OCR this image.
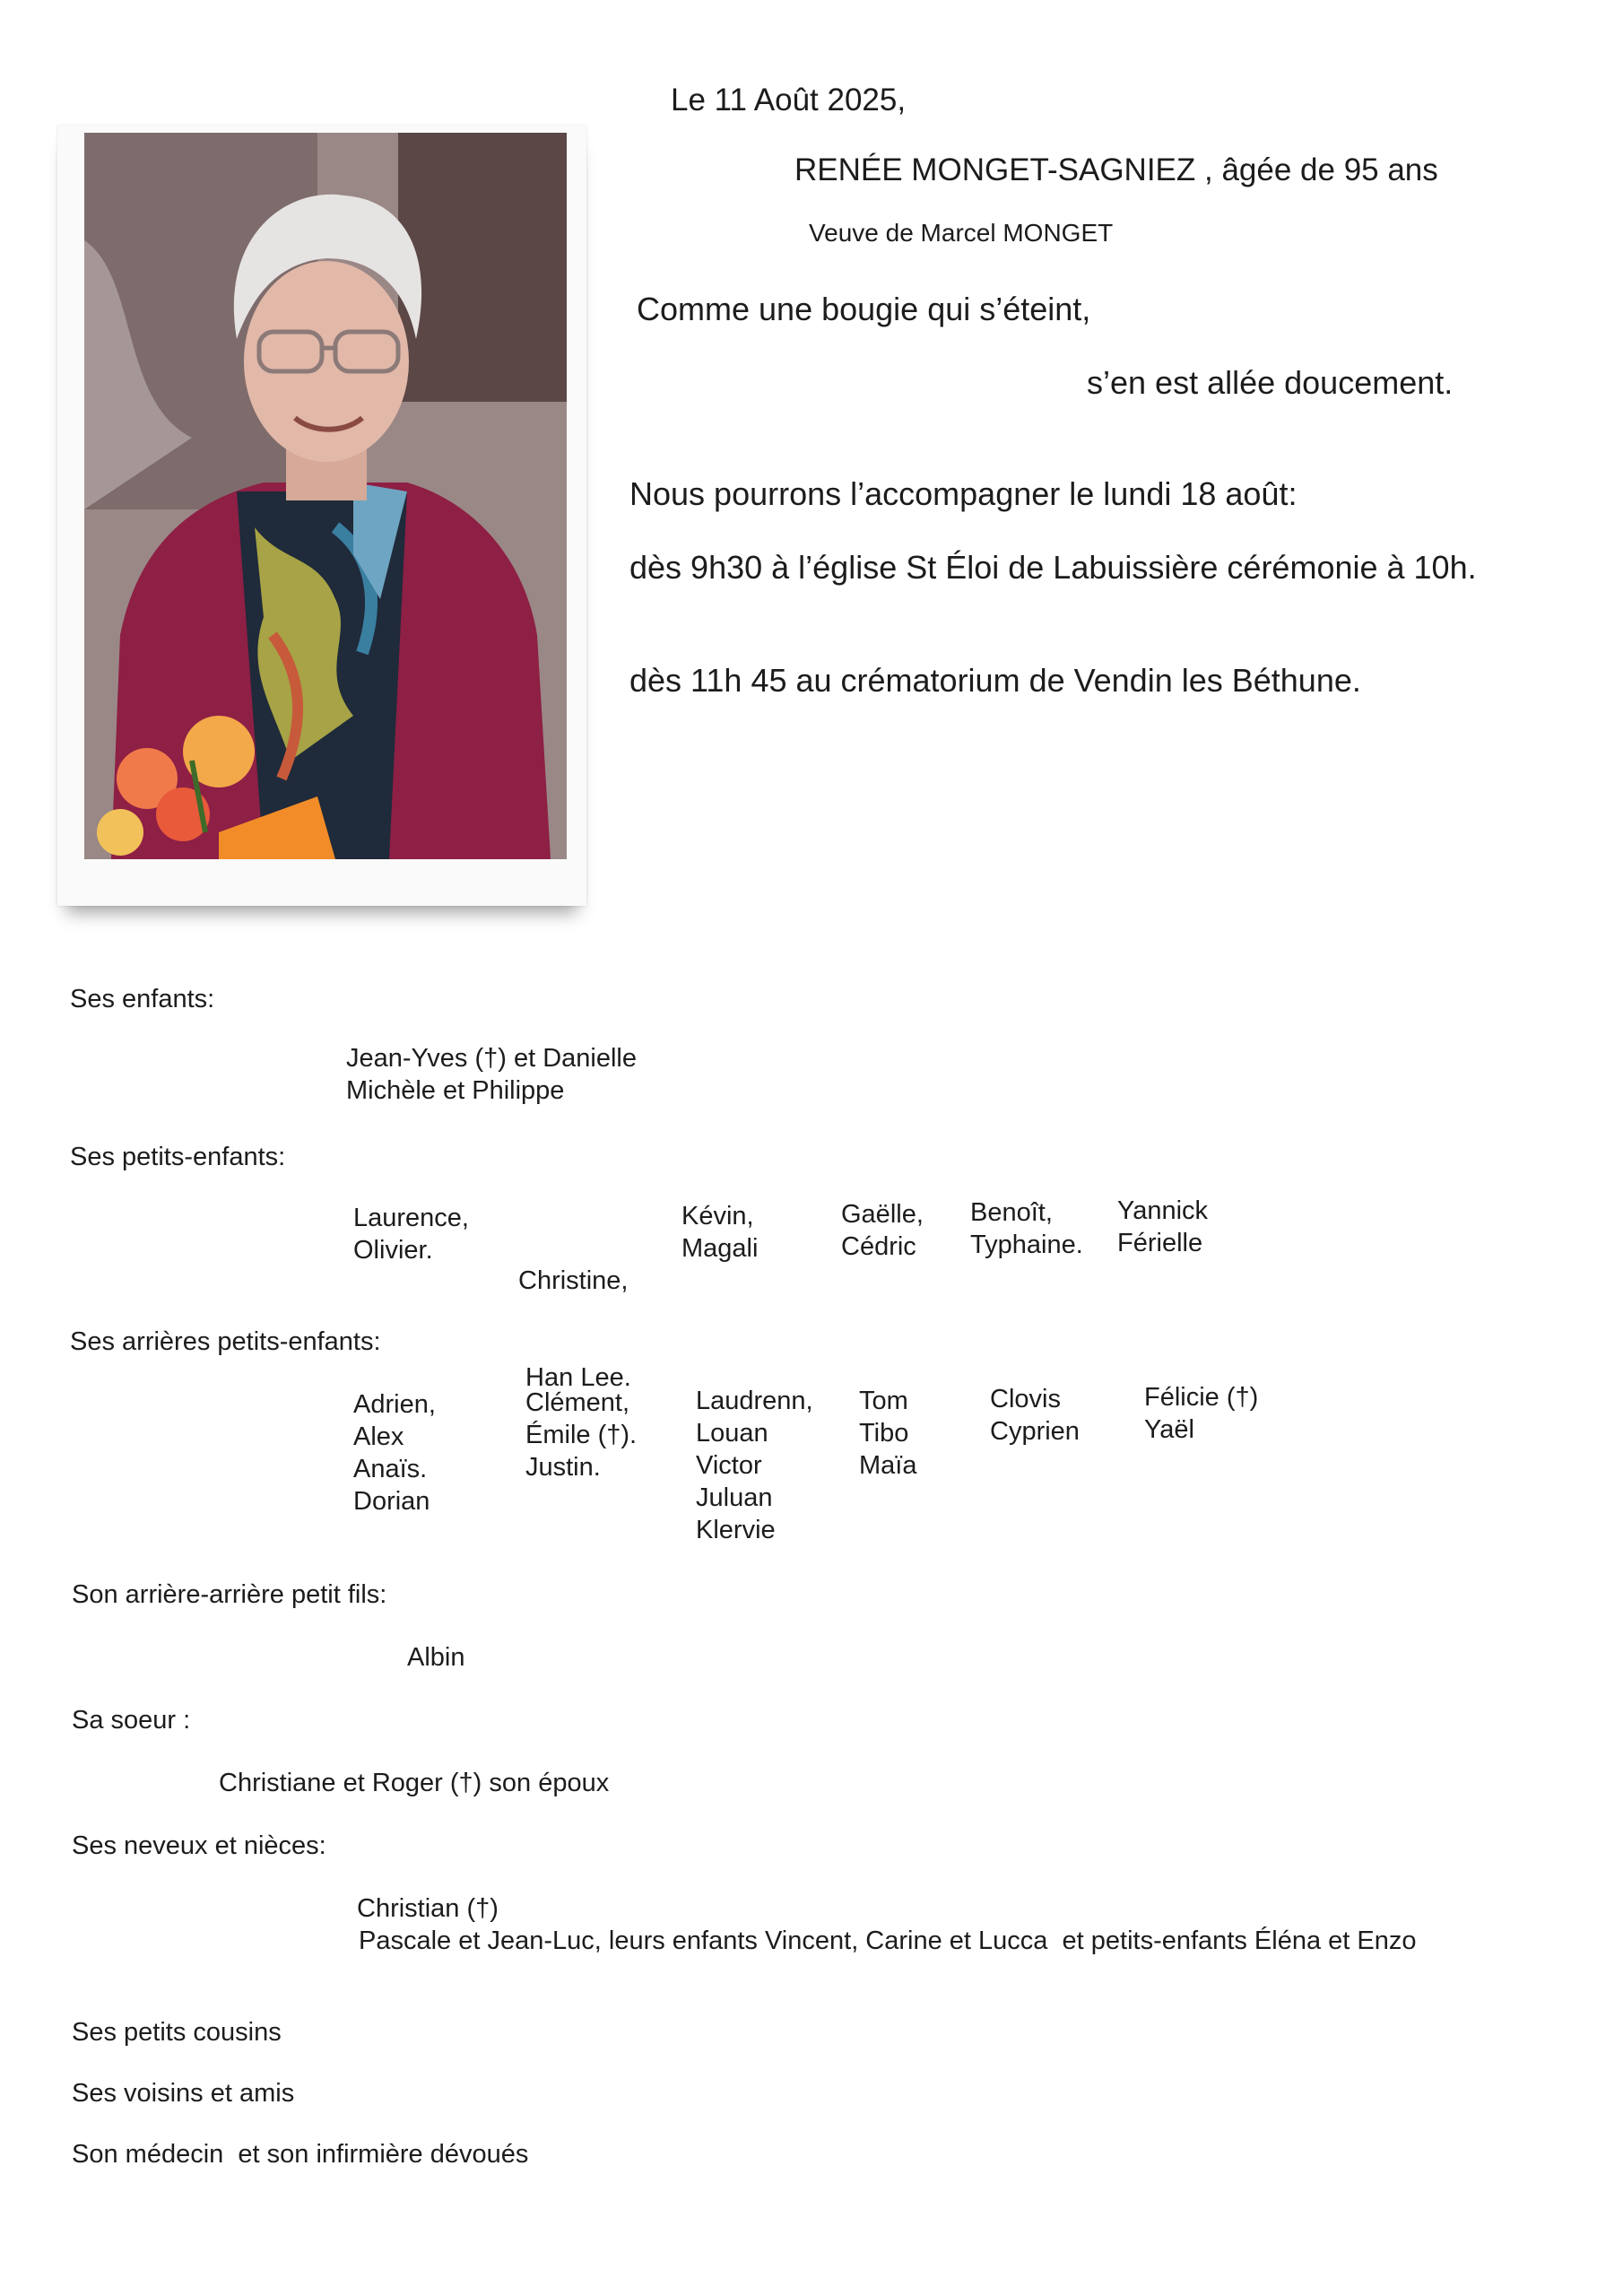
Le 11 Août 2025,
RENÉE MONGET-SAGNIEZ , âgée de 95 ans
Veuve de Marcel MONGET
Comme une bougie qui s’éteint,
s’en est allée doucement.
Nous pourrons l’accompagner le lundi 18 août:
dès 9h30 à l’église St Éloi de Labuissière cérémonie à 10h.
dès 11h 45 au crématorium de Vendin les Béthune.
Ses enfants:
Jean-Yves (†) et Danielle
Michèle et Philippe
Ses petits-enfants:
Laurence,
Olivier.

Christine,

Han Lee.

Kévin,
Magali
Gaëlle,
Cédric
Benoît,
Typhaine.
Yannick
Férielle
Ses arrières petits-enfants:
Adrien,
Alex
Anaïs.
Dorian
Clément,
Émile (†).
Justin.
Laudrenn,
Louan
Victor
Juluan
Klervie
Tom
Tibo
Maïa
Clovis
Cyprien
Félicie (†)
Yaël
Son arrière-arrière petit fils:
Albin
Sa soeur :
Christiane et Roger (†) son époux
Ses neveux et nièces:
Christian (†)
Pascale et Jean-Luc, leurs enfants Vincent, Carine et Lucca  et petits-enfants Éléna et Enzo
Ses petits cousins
Ses voisins et amis
Son médecin  et son infirmière dévoués
